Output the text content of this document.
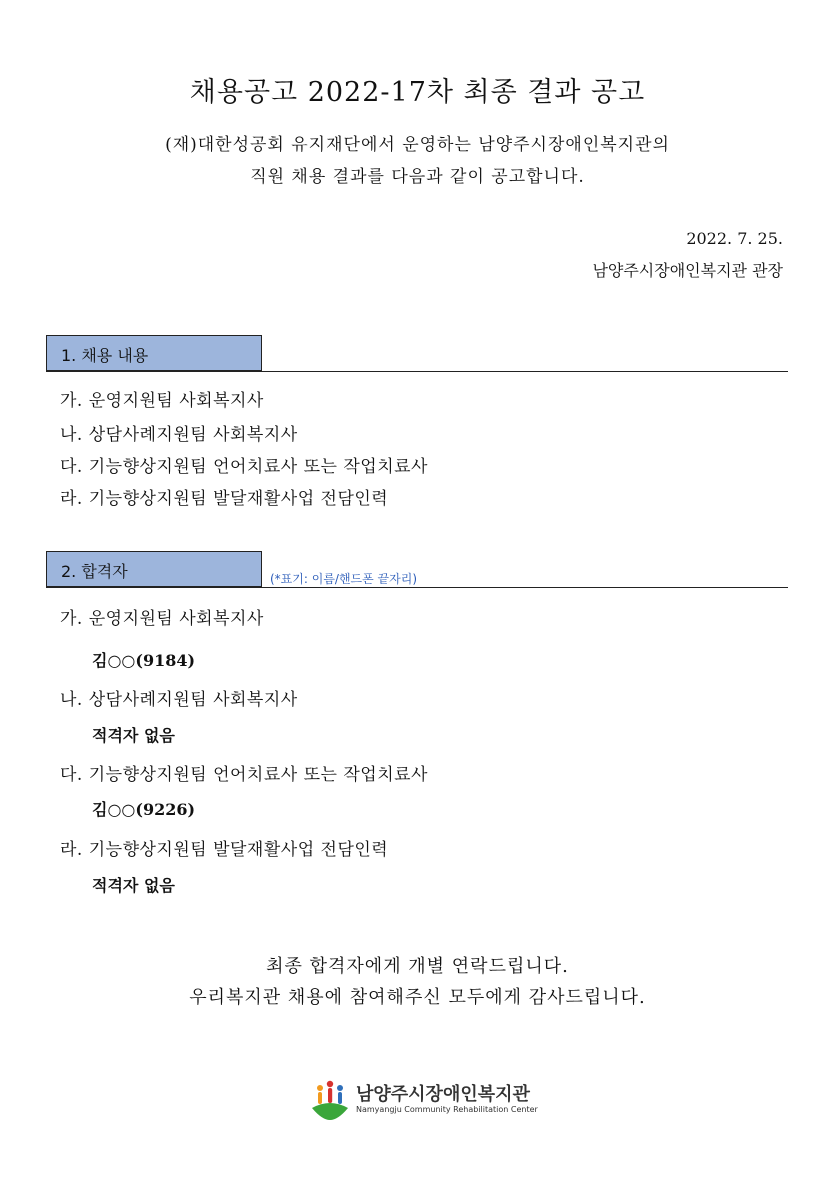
채용공고 2022-17차 최종 결과 공고
(재)대한성공회 유지재단에서 운영하는 남양주시장애인복지관의
직원 채용 결과를 다음과 같이 공고합니다.
2022. 7. 25.
남양주시장애인복지관 관장
1. 채용 내용
가. 운영지원팀 사회복지사
나. 상담사례지원팀 사회복지사
다. 기능향상지원팀 언어치료사 또는 작업치료사
라. 기능향상지원팀 발달재활사업 전담인력
2. 합격자	(*표기: 이름/핸드폰 끝자리)
가. 운영지원팀 사회복지사
김○○(9184)
나. 상담사례지원팀 사회복지사
적격자 없음
다. 기능향상지원팀 언어치료사 또는 작업치료사
김○○(9226)
라. 기능향상지원팀 발달재활사업 전담인력
적격자 없음
최종 합격자에게 개별 연락드립니다.
우리복지관 채용에 참여해주신 모두에게 감사드립니다.
남양주시장애인복지관
Namyangju Community Rehabilitation Center
